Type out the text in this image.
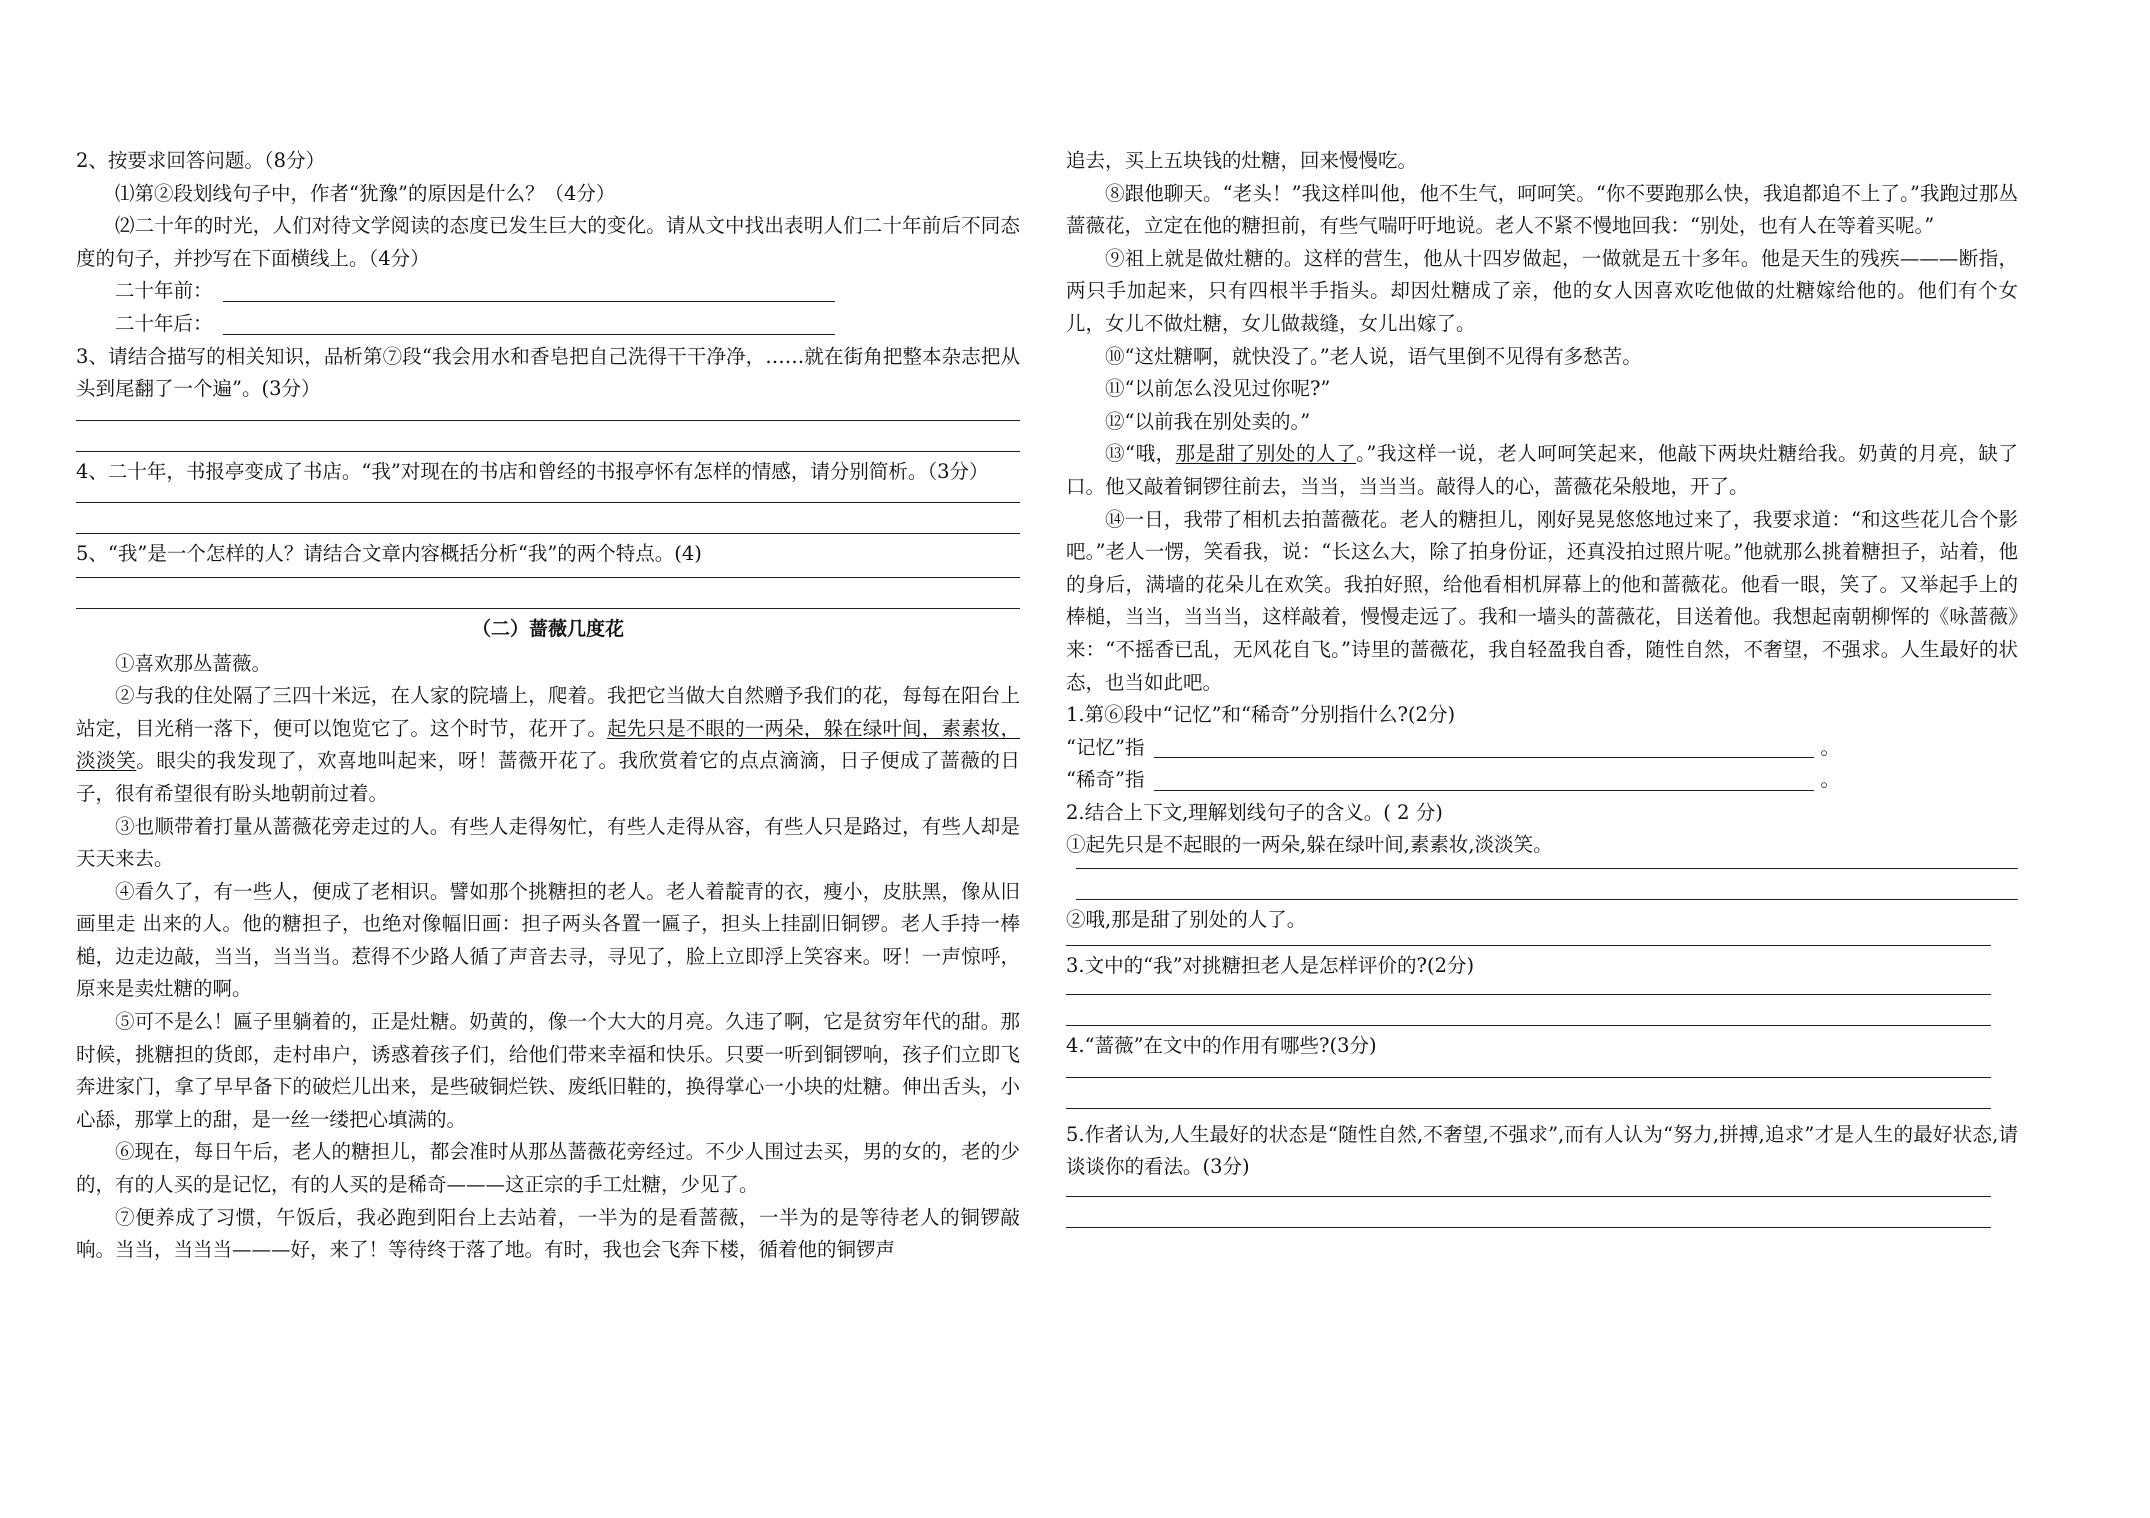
2、按要求回答问题。（8分）

⑴第②段划线句子中，作者“犹豫”的原因是什么？（4分）

⑵二十年的时光，人们对待文学阅读的态度已发生巨大的变化。请从文中找出表明人们二十年前后不同态度的句子，并抄写在下面横线上。（4分）

二十年前：
二十年后：

3、请结合描写的相关知识，品析第⑦段“我会用水和香皂把自己洗得干干净净，……就在街角把整本杂志把从头到尾翻了一个遍”。(3分）

4、二十年，书报亭变成了书店。“我”对现在的书店和曾经的书报亭怀有怎样的情感，请分别简析。（3分）

5、“我”是一个怎样的人？请结合文章内容概括分析“我”的两个特点。(4)

（二）蔷薇几度花

①喜欢那丛蔷薇。

②与我的住处隔了三四十米远，在人家的院墙上，爬着。我把它当做大自然赠予我们的花，每每在阳台上站定，目光稍一落下，便可以饱览它了。这个时节，花开了。起先只是不眼的一两朵，躲在绿叶间，素素妆，淡淡笑。眼尖的我发现了，欢喜地叫起来，呀！蔷薇开花了。我欣赏着它的点点滴滴，日子便成了蔷薇的日子，很有希望很有盼头地朝前过着。

③也顺带着打量从蔷薇花旁走过的人。有些人走得匆忙，有些人走得从容，有些人只是路过，有些人却是天天来去。

④看久了，有一些人，便成了老相识。譬如那个挑糖担的老人。老人着靛青的衣，瘦小，皮肤黑，像从旧画里走 出来的人。他的糖担子，也绝对像幅旧画：担子两头各置一匾子，担头上挂副旧铜锣。老人手持一棒槌，边走边敲，当当，当当当。惹得不少路人循了声音去寻，寻见了，脸上立即浮上笑容来。呀！一声惊呼，原来是卖灶糖的啊。

⑤可不是么！匾子里躺着的，正是灶糖。奶黄的，像一个大大的月亮。久违了啊，它是贫穷年代的甜。那时候，挑糖担的货郎，走村串户，诱惑着孩子们，给他们带来幸福和快乐。只要一听到铜锣响，孩子们立即飞奔进家门，拿了早早备下的破烂儿出来，是些破铜烂铁、废纸旧鞋的，换得掌心一小块的灶糖。伸出舌头，小心舔，那掌上的甜，是一丝一缕把心填满的。

⑥现在，每日午后，老人的糖担儿，都会准时从那丛蔷薇花旁经过。不少人围过去买，男的女的，老的少的，有的人买的是记忆，有的人买的是稀奇———这正宗的手工灶糖，少见了。

⑦便养成了习惯，午饭后，我必跑到阳台上去站着，一半为的是看蔷薇，一半为的是等待老人的铜锣敲响。当当，当当当———好，来了！等待终于落了地。有时，我也会飞奔下楼，循着他的铜锣声

追去，买上五块钱的灶糖，回来慢慢吃。

⑧跟他聊天。“老头！”我这样叫他，他不生气，呵呵笑。“你不要跑那么快，我追都追不上了。”我跑过那丛蔷薇花，立定在他的糖担前，有些气喘吁吁地说。老人不紧不慢地回我：“别处，也有人在等着买呢。”

⑨祖上就是做灶糖的。这样的营生，他从十四岁做起，一做就是五十多年。他是天生的残疾———断指，两只手加起来，只有四根半手指头。却因灶糖成了亲，他的女人因喜欢吃他做的灶糖嫁给他的。他们有个女儿，女儿不做灶糖，女儿做裁缝，女儿出嫁了。

⑩“这灶糖啊，就快没了。”老人说，语气里倒不见得有多愁苦。

⑪“以前怎么没见过你呢?”

⑫“以前我在别处卖的。”

⑬“哦，那是甜了别处的人了。”我这样一说，老人呵呵笑起来，他敲下两块灶糖给我。奶黄的月亮，缺了口。他又敲着铜锣往前去，当当，当当当。敲得人的心，蔷薇花朵般地，开了。

⑭一日，我带了相机去拍蔷薇花。老人的糖担儿，刚好晃晃悠悠地过来了，我要求道：“和这些花儿合个影吧。”老人一愣，笑看我，说：“长这么大，除了拍身份证，还真没拍过照片呢。”他就那么挑着糖担子，站着，他的身后，满墙的花朵儿在欢笑。我拍好照，给他看相机屏幕上的他和蔷薇花。他看一眼，笑了。又举起手上的棒槌，当当，当当当，这样敲着，慢慢走远了。我和一墙头的蔷薇花，目送着他。我想起南朝柳恽的《咏蔷薇》来：“不摇香已乱，无风花自飞。”诗里的蔷薇花，我自轻盈我自香，随性自然，不奢望，不强求。人生最好的状态，也当如此吧。

1.第⑥段中“记忆”和“稀奇”分别指什么?(2分)

“记忆”指	。
“稀奇”指	。

2.结合上下文,理解划线句子的含义。( 2 分)

①起先只是不起眼的一两朵,躲在绿叶间,素素妆,淡淡笑。

②哦,那是甜了别处的人了。

3.文中的“我”对挑糖担老人是怎样评价的?(2分)

4.“蔷薇”在文中的作用有哪些?(3分)

5.作者认为,人生最好的状态是“随性自然,不奢望,不强求”,而有人认为“努力,拼搏,追求”才是人生的最好状态,请谈谈你的看法。(3分)
